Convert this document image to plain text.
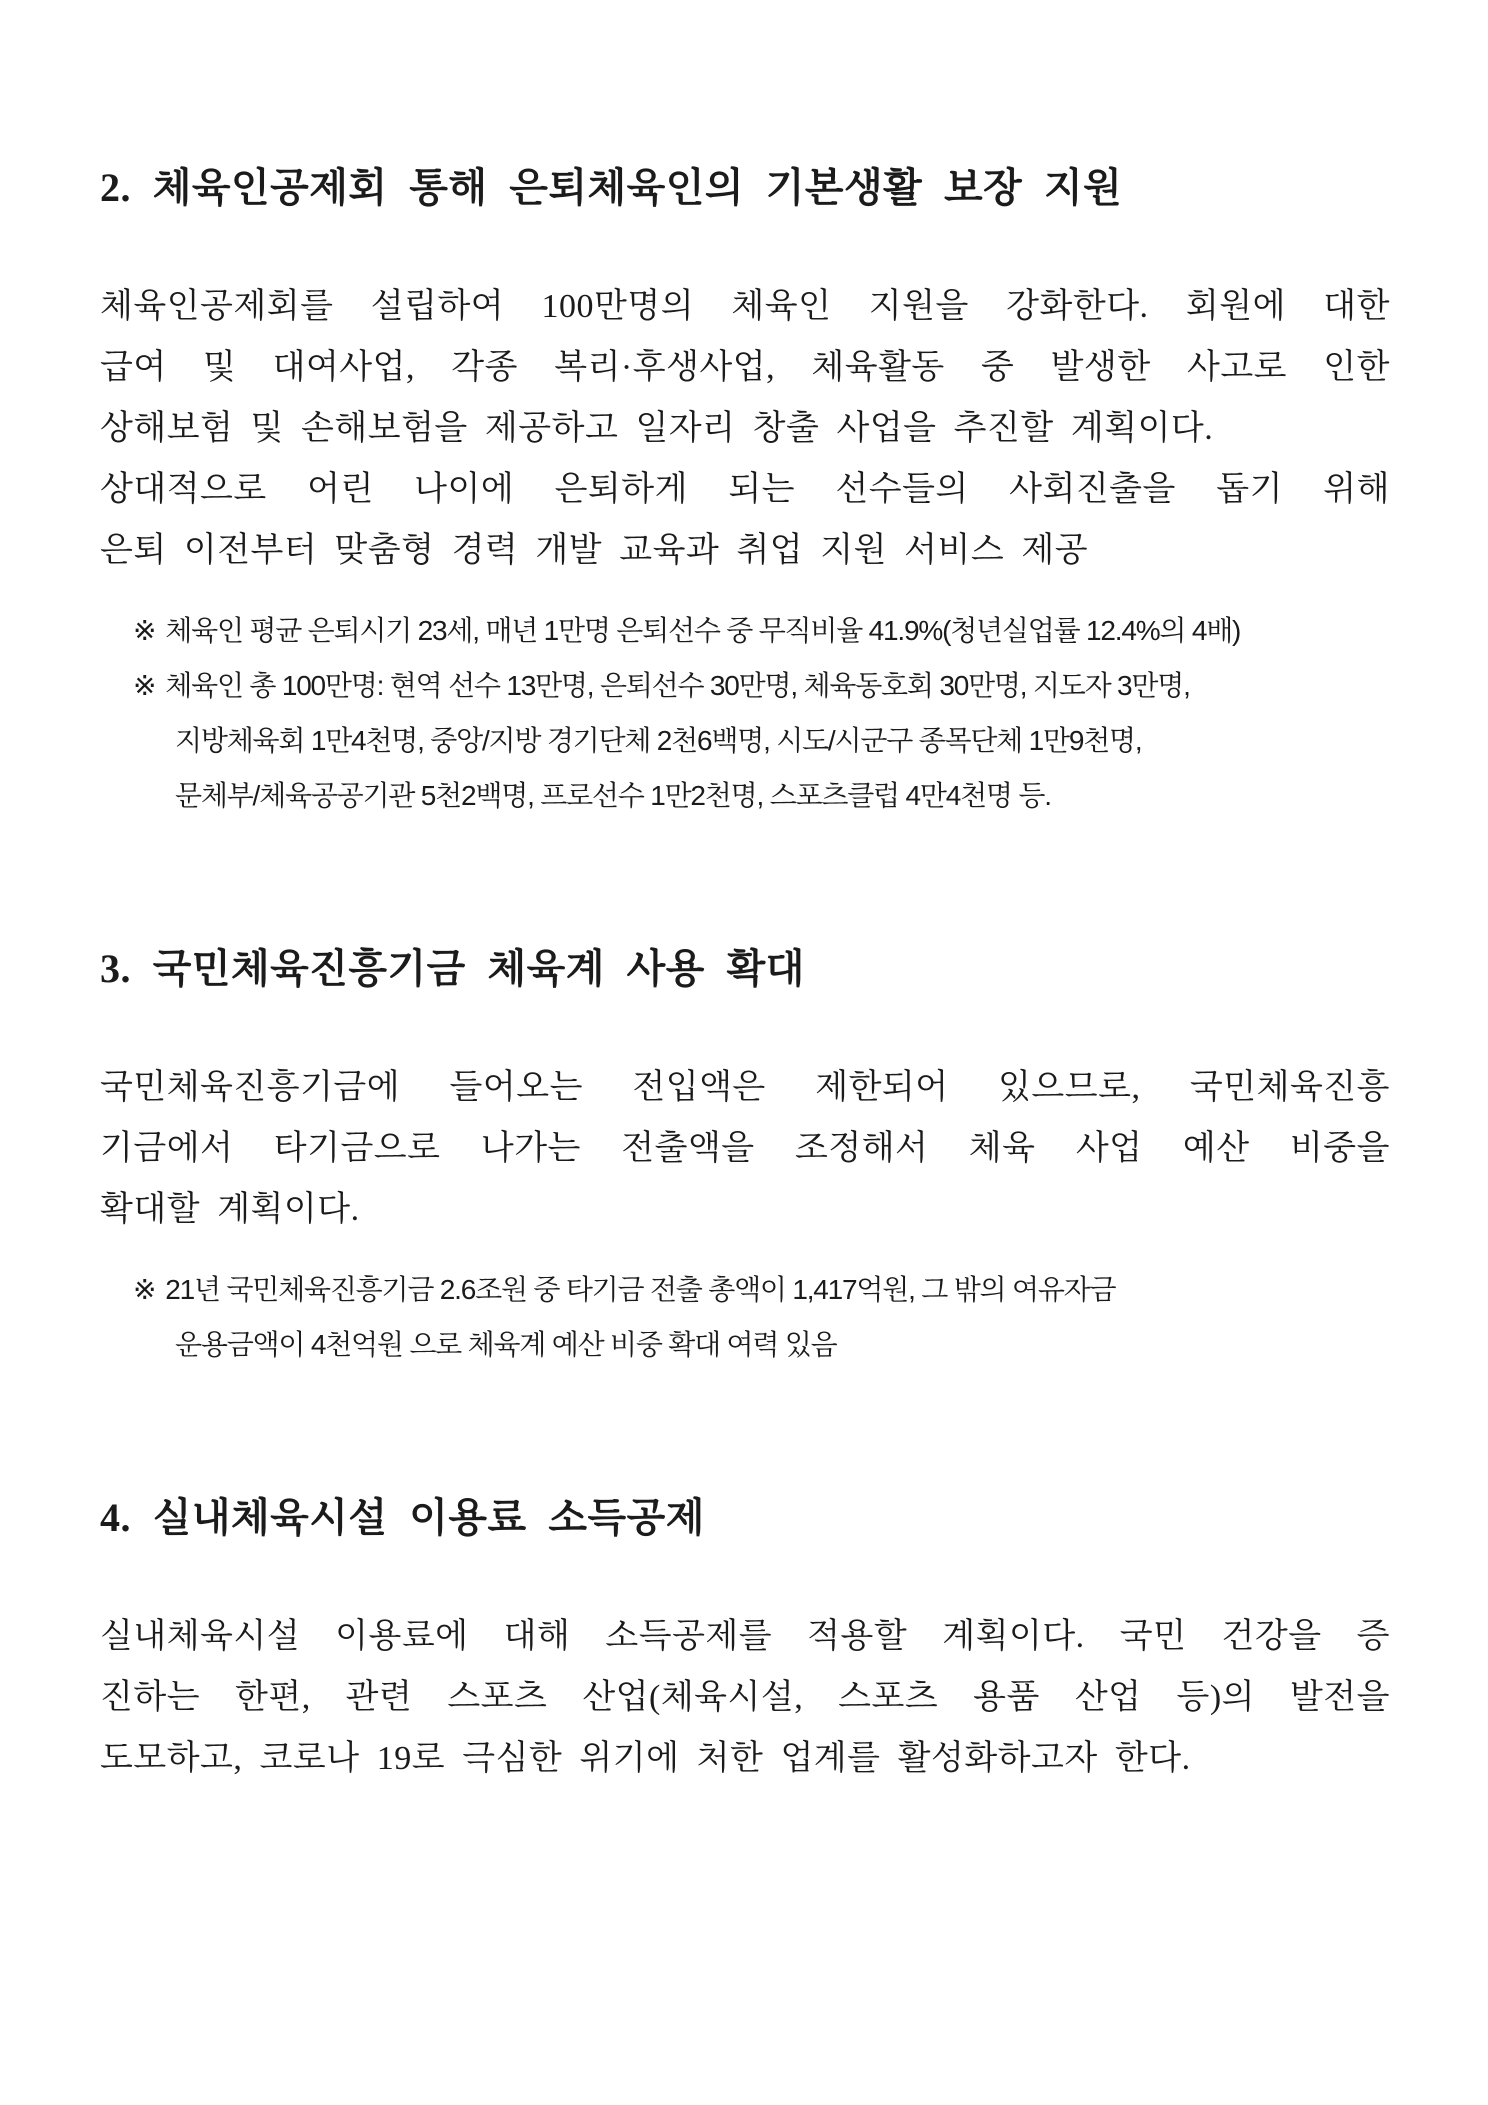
2. 체육인공제회 통해 은퇴체육인의 기본생활 보장 지원
체육인공제회를 설립하여 100만명의 체육인 지원을 강화한다. 회원에 대한
급여 및 대여사업, 각종 복리·후생사업, 체육활동 중 발생한 사고로 인한
상해보험 및 손해보험을 제공하고 일자리 창출 사업을 추진할 계획이다.
상대적으로 어린 나이에 은퇴하게 되는 선수들의 사회진출을 돕기 위해
은퇴 이전부터 맞춤형 경력 개발 교육과 취업 지원 서비스 제공
※ 체육인 평균 은퇴시기 23세, 매년 1만명 은퇴선수 중 무직비율 41.9%(청년실업률 12.4%의 4배)
※ 체육인 총 100만명: 현역 선수 13만명, 은퇴선수 30만명, 체육동호회 30만명, 지도자 3만명,
지방체육회 1만4천명, 중앙/지방 경기단체 2천6백명, 시도/시군구 종목단체 1만9천명,
문체부/체육공공기관 5천2백명, 프로선수 1만2천명, 스포츠클럽 4만4천명 등.
3. 국민체육진흥기금 체육계 사용 확대
국민체육진흥기금에 들어오는 전입액은 제한되어 있으므로, 국민체육진흥
기금에서 타기금으로 나가는 전출액을 조정해서 체육 사업 예산 비중을
확대할 계획이다.
※ 21년 국민체육진흥기금 2.6조원 중 타기금 전출 총액이 1,417억원, 그 밖의 여유자금
운용금액이 4천억원 으로 체육계 예산 비중 확대 여력 있음
4. 실내체육시설 이용료 소득공제
실내체육시설 이용료에 대해 소득공제를 적용할 계획이다. 국민 건강을 증
진하는 한편, 관련 스포츠 산업(체육시설, 스포츠 용품 산업 등)의 발전을
도모하고, 코로나 19로 극심한 위기에 처한 업계를 활성화하고자 한다.
